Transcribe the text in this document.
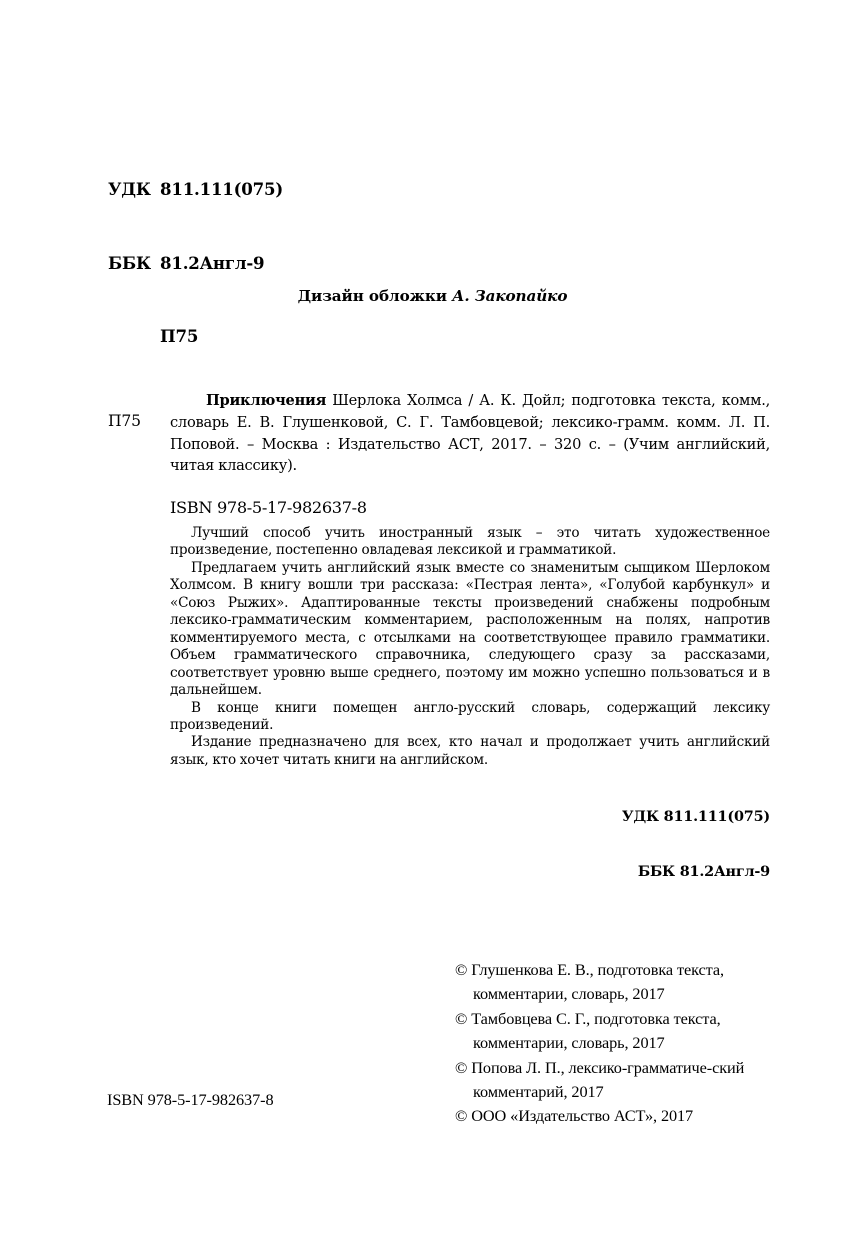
УДК 811.111(075)

ББК 81.2Англ-9

П75

Дизайн обложки А. Закопайко
П75
Приключения Шерлока Холмса / А. К. Дойл; подготовка текста, комм., словарь Е. В. Глушенковой, С. Г. Тамбовцевой; лексико-грамм. комм. Л. П. Поповой. – Москва : Издательство АСТ, 2017. – 320 с. – (Учим английский, читая классику).
ISBN 978-5-17-982637-8

Лучший способ учить иностранный язык – это читать художественное произведение, постепенно овладевая лексикой и грамматикой.

Предлагаем учить английский язык вместе со знаменитым сыщиком Шерлоком Холмсом. В книгу вошли три рассказа: «Пестрая лента», «Голубой карбункул» и «Союз Рыжих». Адаптированные тексты произведений снабжены подробным лексико-грамматическим комментарием, расположенным на полях, напротив комментируемого места, с отсылками на соответствующее правило грамматики. Объем грамматического справочника, следующего сразу за рассказами, соответствует уровню выше среднего, поэтому им можно успешно пользоваться и в дальнейшем.

В конце книги помещен англо-русский словарь, содержащий лексику произведений.

Издание предназначено для всех, кто начал и продолжает учить английский язык, кто хочет читать книги на английском.

УДК 811.111(075)

ББК 81.2Англ-9

© Глушенкова Е. В., подготовка текста, комментарии, словарь, 2017
© Тамбовцева С. Г., подготовка текста, комментарии, словарь, 2017
© Попова Л. П., лексико-грамматиче-ский комментарий, 2017
© ООО «Издательство АСТ», 2017
ISBN 978-5-17-982637-8
